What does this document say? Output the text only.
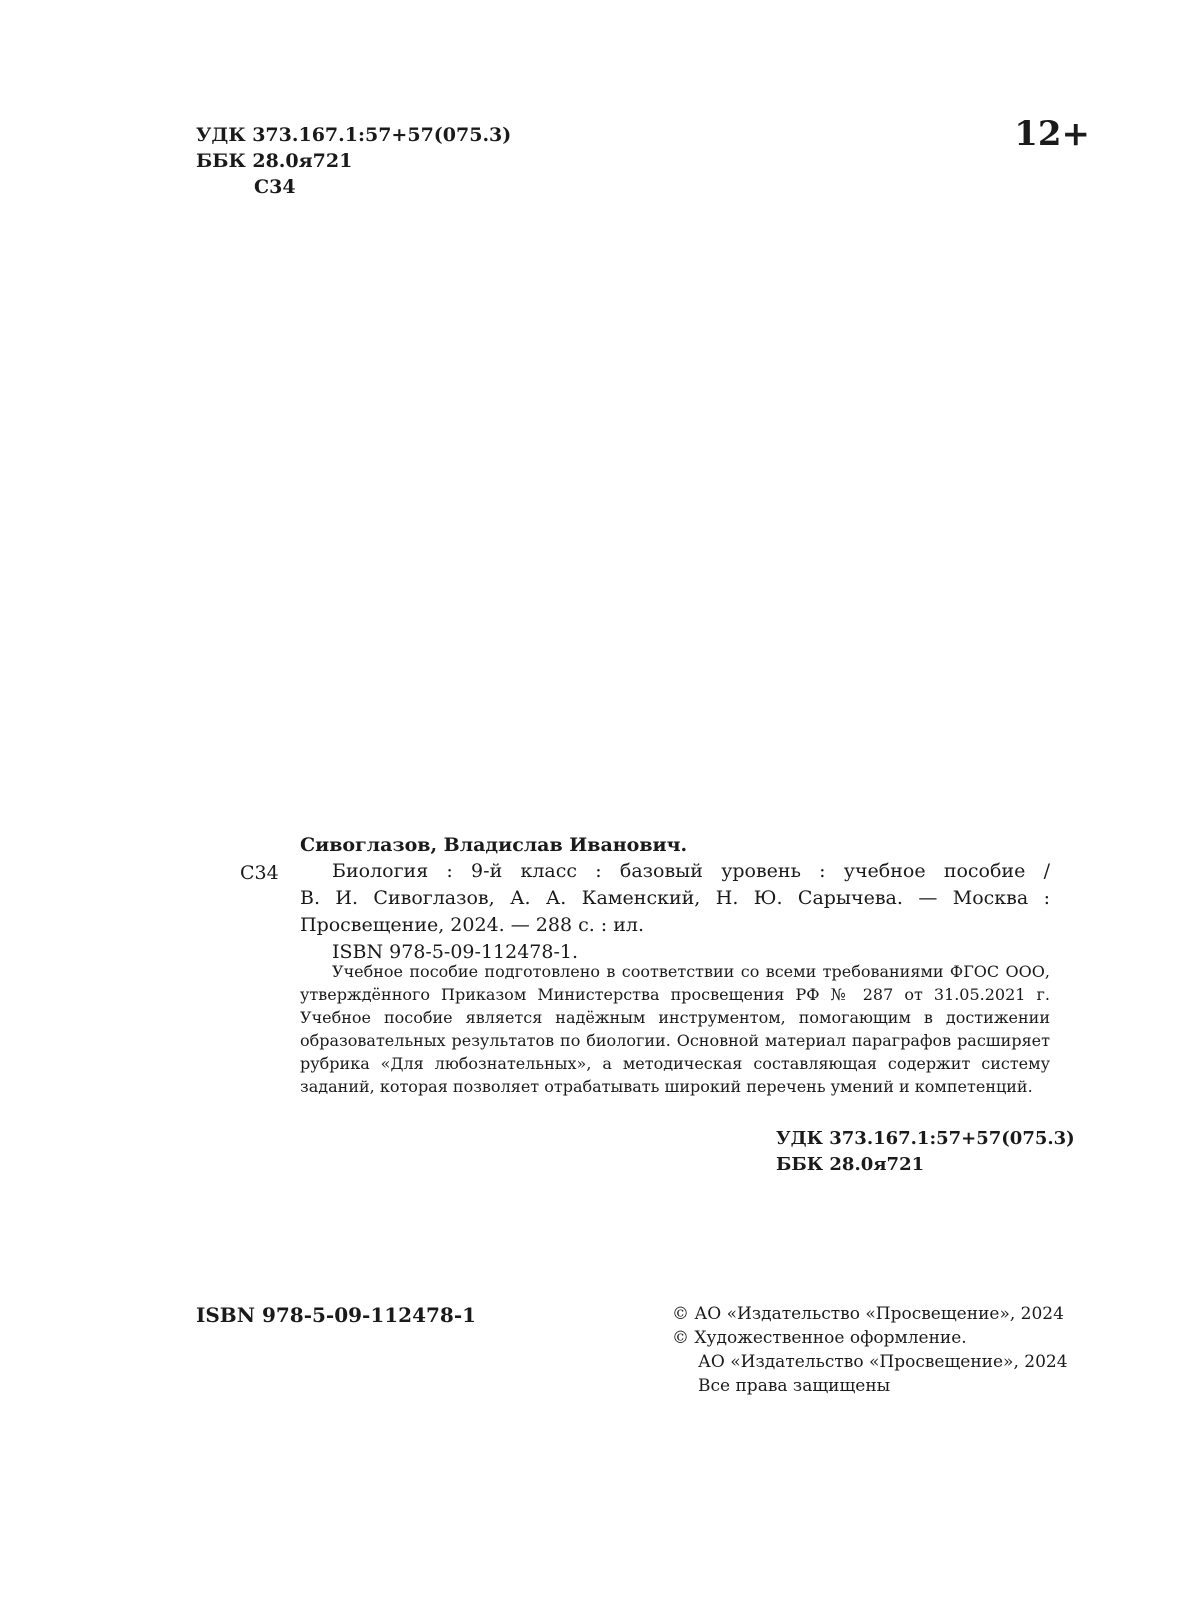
УДК 373.167.1:57+57(075.3)
ББК 28.0я721
С34
12+
Сивоглазов, Владислав Иванович.
С34	Биология : 9-й класс : базовый уровень : учебное пособие /

В. И. Сивоглазов, А. А. Каменский, Н. Ю. Сарычева. — Москва :

Просвещение, 2024. — 288 с. : ил.

ISBN 978-5-09-112478-1.

Учебное пособие подготовлено в соответствии со всеми требованиями ФГОС ООО, утверждённого Приказом Министерства просвещения РФ № 287 от 31.05.2021 г. Учебное пособие является надёжным инструментом, помогающим в достижении образовательных результатов по биологии. Основной материал параграфов расширяет рубрика «Для любознательных», а методическая составляющая содержит систему заданий, которая позволяет отрабатывать широкий перечень умений и компетенций.

УДК 373.167.1:57+57(075.3)
ББК 28.0я721
ISBN 978-5-09-112478-1	© АО «Издательство «Просвещение», 2024
© Художественное оформление.
АО «Издательство «Просвещение», 2024
Все права защищены
